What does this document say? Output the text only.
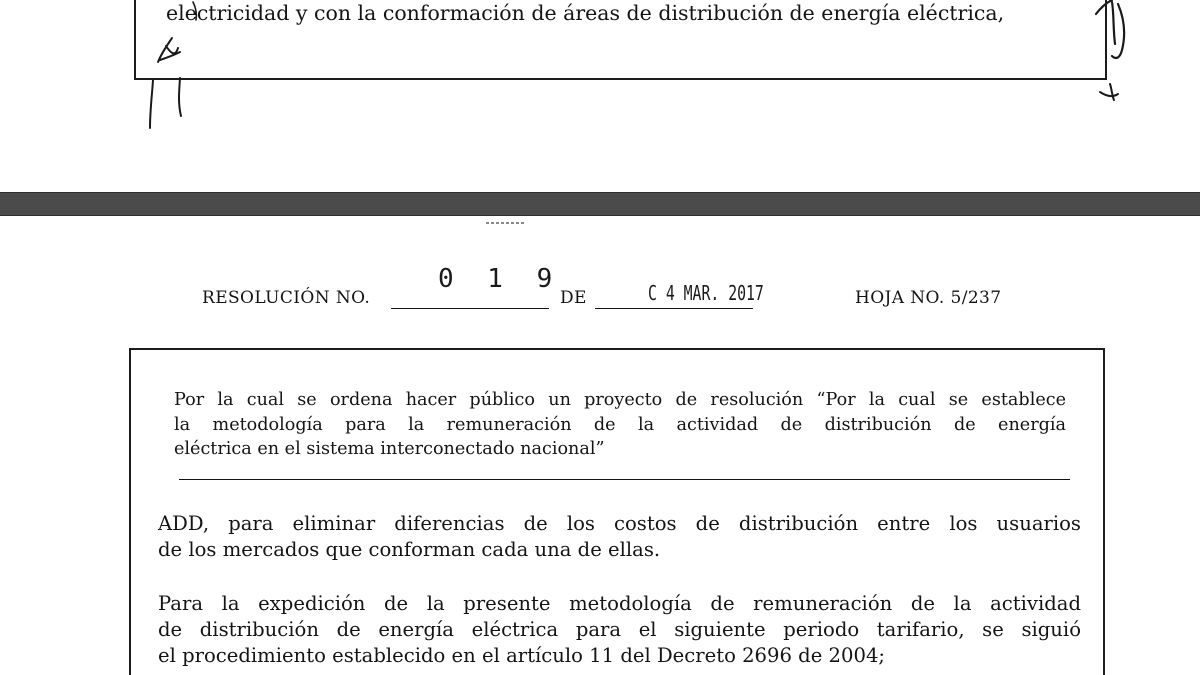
electricidad y con la conformación de áreas de distribución de energía eléctrica,
RESOLUCIÓN NO.
0 1 9
DE	C 4 MAR. 2017	HOJA NO. 5/237
Por la cual se ordena hacer público un proyecto de resolución “Por la cual se establece
la metodología para la remuneración de la actividad de distribución de energía
eléctrica en el sistema interconectado nacional”
ADD, para eliminar diferencias de los costos de distribución entre los usuarios
de los mercados que conforman cada una de ellas.
Para la expedición de la presente metodología de remuneración de la actividad
de distribución de energía eléctrica para el siguiente periodo tarifario, se siguió
el procedimiento establecido en el artículo 11 del Decreto 2696 de 2004;
